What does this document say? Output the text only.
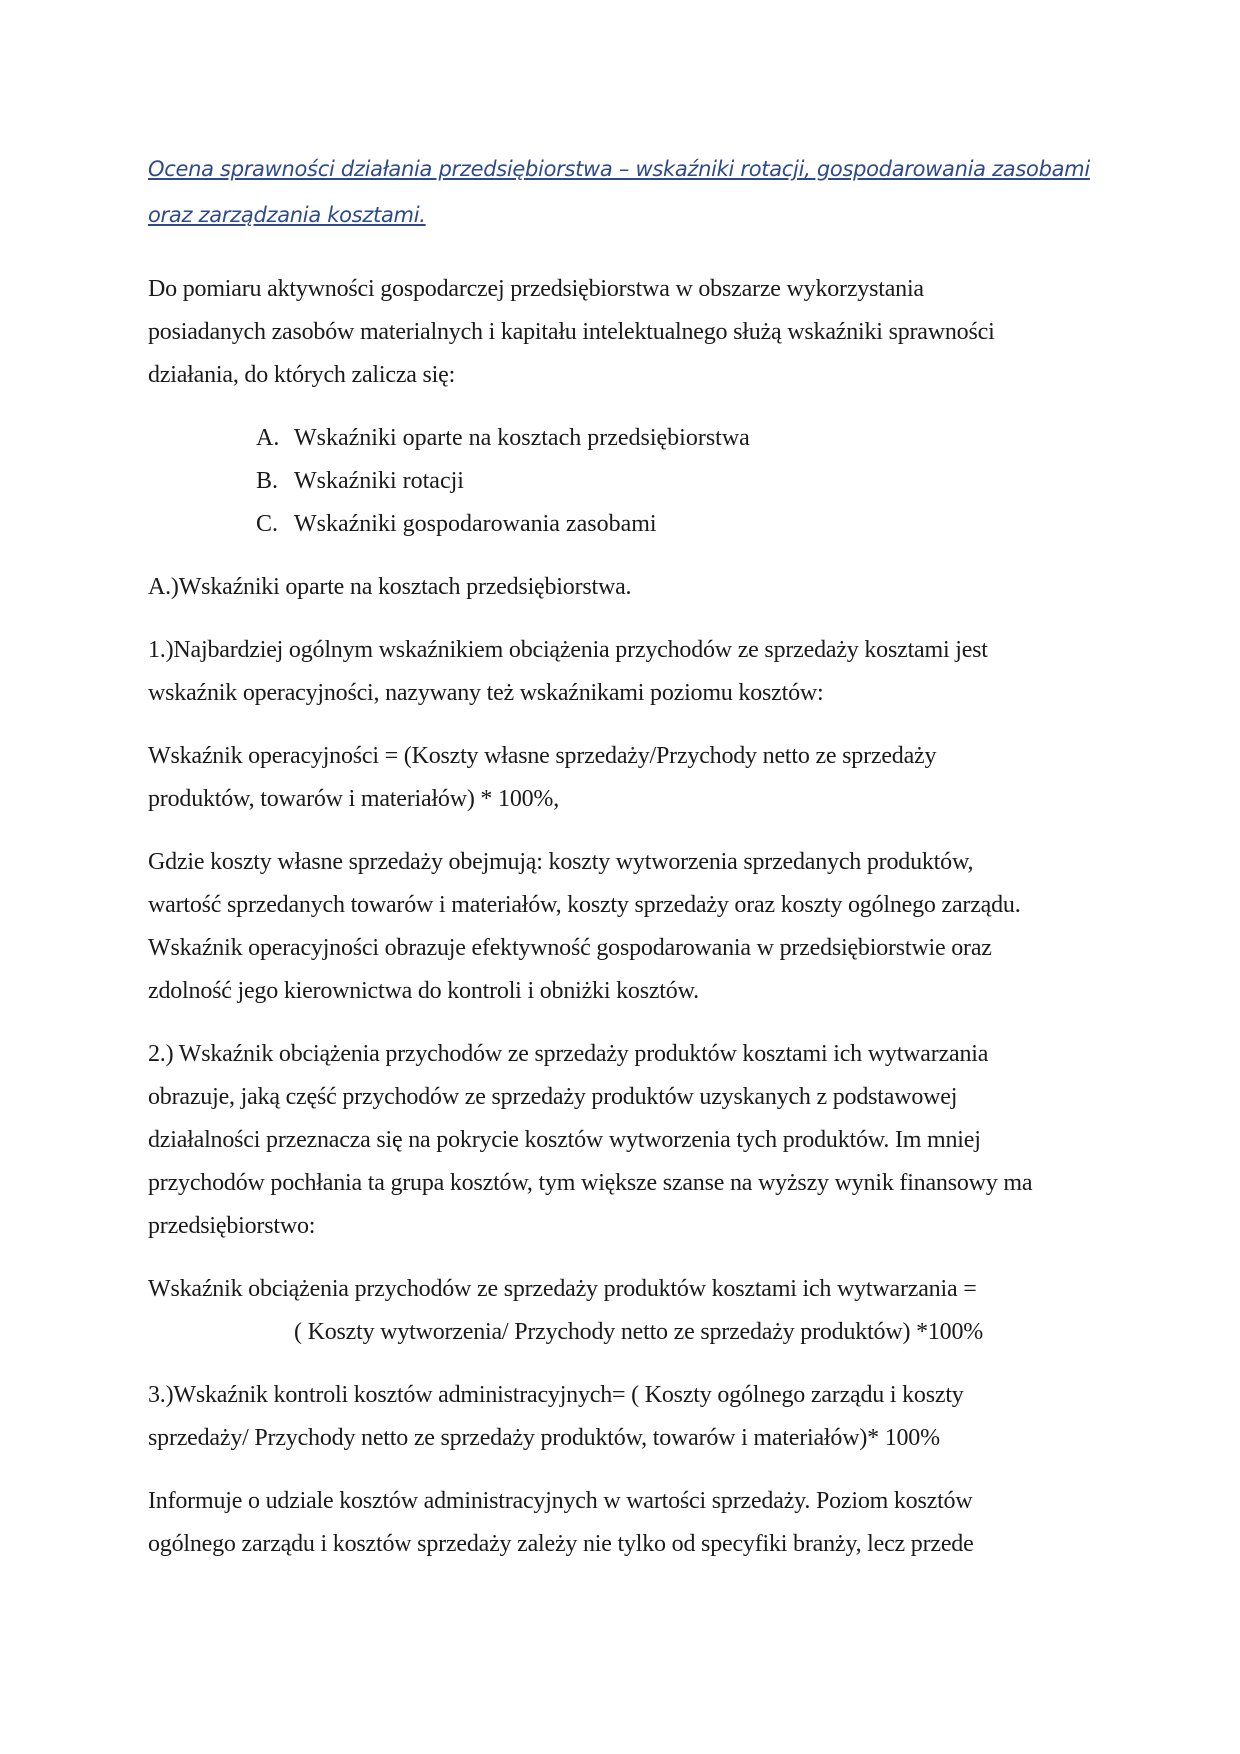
Ocena sprawności działania przedsiębiorstwa – wskaźniki rotacji, gospodarowania zasobami
oraz zarządzania kosztami.
Do pomiaru aktywności gospodarczej przedsiębiorstwa w obszarze wykorzystania
posiadanych zasobów materialnych i kapitału intelektualnego służą wskaźniki sprawności
działania, do których zalicza się:
A. Wskaźniki oparte na kosztach przedsiębiorstwa
B. Wskaźniki rotacji
C. Wskaźniki gospodarowania zasobami
A.)Wskaźniki oparte na kosztach przedsiębiorstwa.
1.)Najbardziej ogólnym wskaźnikiem obciążenia przychodów ze sprzedaży kosztami jest
wskaźnik operacyjności, nazywany też wskaźnikami poziomu kosztów:
Wskaźnik operacyjności = (Koszty własne sprzedaży/Przychody netto ze sprzedaży
produktów, towarów i materiałów) * 100%,
Gdzie koszty własne sprzedaży obejmują: koszty wytworzenia sprzedanych produktów,
wartość sprzedanych towarów i materiałów, koszty sprzedaży oraz koszty ogólnego zarządu.
Wskaźnik operacyjności obrazuje efektywność gospodarowania w przedsiębiorstwie oraz
zdolność jego kierownictwa do kontroli i obniżki kosztów.
2.) Wskaźnik obciążenia przychodów ze sprzedaży produktów kosztami ich wytwarzania
obrazuje, jaką część przychodów ze sprzedaży produktów uzyskanych z podstawowej
działalności przeznacza się na pokrycie kosztów wytworzenia tych produktów. Im mniej
przychodów pochłania ta grupa kosztów, tym większe szanse na wyższy wynik finansowy ma
przedsiębiorstwo:
Wskaźnik obciążenia przychodów ze sprzedaży produktów kosztami ich wytwarzania =
( Koszty wytworzenia/ Przychody netto ze sprzedaży produktów) *100%
3.)Wskaźnik kontroli kosztów administracyjnych= ( Koszty ogólnego zarządu i koszty
sprzedaży/ Przychody netto ze sprzedaży produktów, towarów i materiałów)* 100%
Informuje o udziale kosztów administracyjnych w wartości sprzedaży. Poziom kosztów
ogólnego zarządu i kosztów sprzedaży zależy nie tylko od specyfiki branży, lecz przede
